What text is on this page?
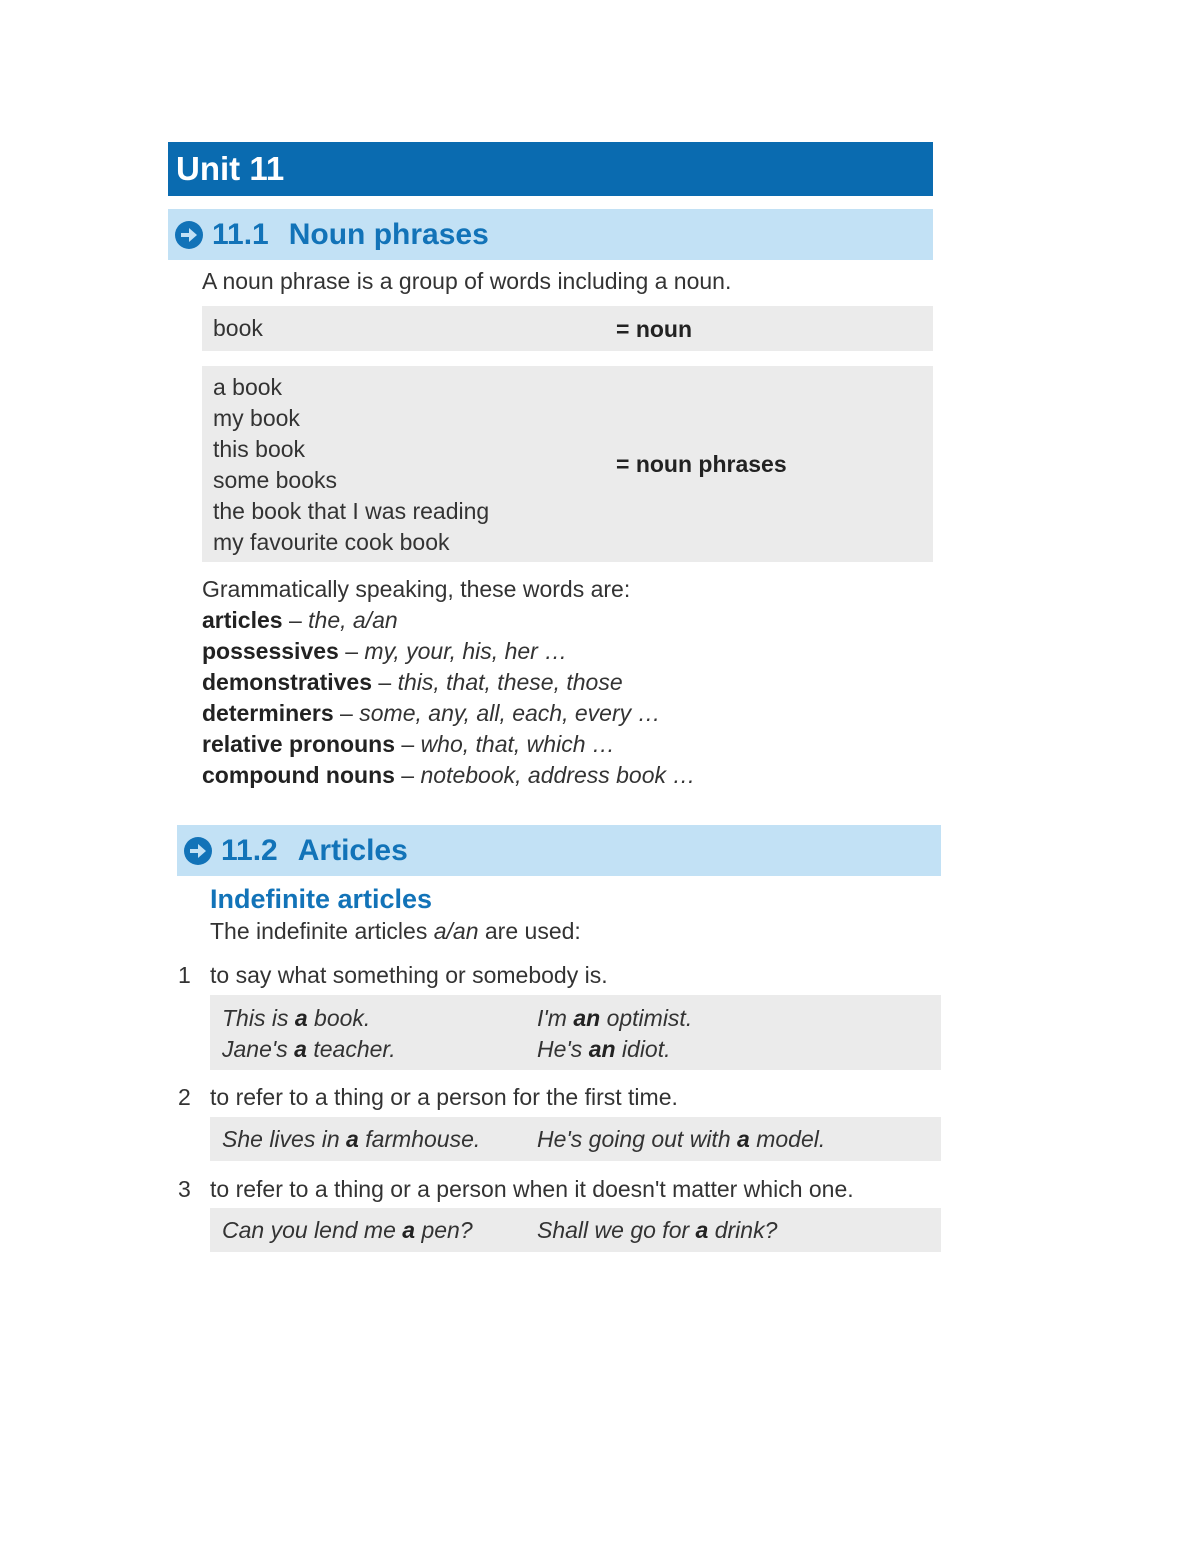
Unit 11
11.1 Noun phrases
A noun phrase is a group of words including a noun.
book	= noun
a book
my book
this book
some books
the book that I was reading
my favourite cook book
= noun phrases
Grammatically speaking, these words are:
articles – the, a/an
possessives – my, your, his, her …
demonstratives – this, that, these, those
determiners – some, any, all, each, every …
relative pronouns – who, that, which …
compound nouns – notebook, address book …
11.2 Articles
Indefinite articles
The indefinite articles a/an are used:
1 to say what something or somebody is.
This is a book.	I'm an optimist.
Jane's a teacher.	He's an idiot.
2 to refer to a thing or a person for the first time.
She lives in a farmhouse. He's going out with a model.
3 to refer to a thing or a person when it doesn't matter which one.
Can you lend me a pen?	Shall we go for a drink?
